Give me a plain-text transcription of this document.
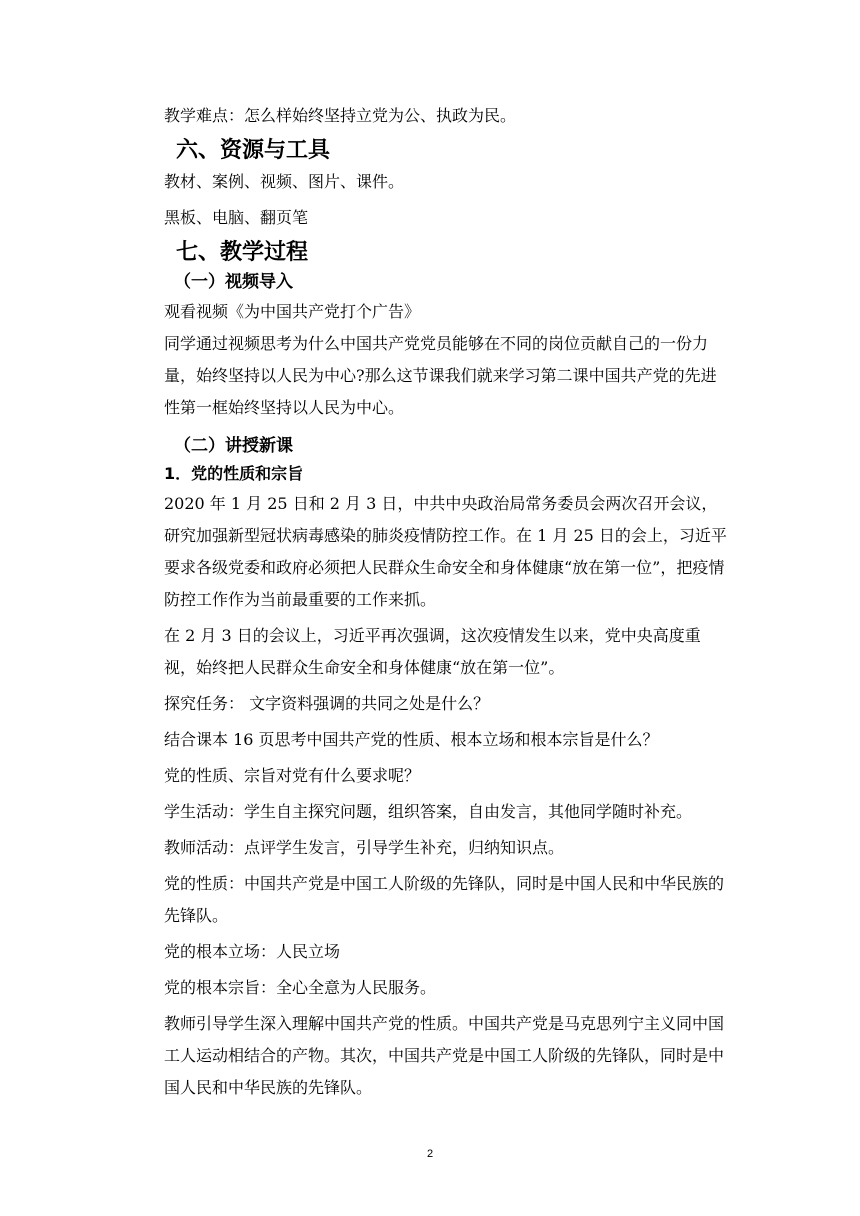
教学难点：怎么样始终坚持立党为公、执政为民。

六、资源与工具

教材、案例、视频、图片、课件。

黑板、电脑、翻页笔

七、教学过程
（一）视频导入

观看视频《为中国共产党打个广告》

同学通过视频思考为什么中国共产党党员能够在不同的岗位贡献自己的一份力量，始终坚持以人民为中心?那么这节课我们就来学习第二课中国共产党的先进性第一框始终坚持以人民为中心。

（二）讲授新课
1．党的性质和宗旨

2020 年 1 月 25 日和 2 月 3 日，中共中央政治局常务委员会两次召开会议，研究加强新型冠状病毒感染的肺炎疫情防控工作。在 1 月 25 日的会上，习近平要求各级党委和政府必须把人民群众生命安全和身体健康“放在第一位”，把疫情防控工作作为当前最重要的工作来抓。

在 2 月 3 日的会议上，习近平再次强调，这次疫情发生以来，党中央高度重视，始终把人民群众生命安全和身体健康“放在第一位”。

探究任务： 文字资料强调的共同之处是什么？

结合课本 16 页思考中国共产党的性质、根本立场和根本宗旨是什么？

党的性质、宗旨对党有什么要求呢？

学生活动：学生自主探究问题，组织答案，自由发言，其他同学随时补充。

教师活动：点评学生发言，引导学生补充，归纳知识点。

党的性质：中国共产党是中国工人阶级的先锋队，同时是中国人民和中华民族的先锋队。

党的根本立场：人民立场

党的根本宗旨：全心全意为人民服务。

教师引导学生深入理解中国共产党的性质。中国共产党是马克思列宁主义同中国工人运动相结合的产物。其次，中国共产党是中国工人阶级的先锋队，同时是中国人民和中华民族的先锋队。

2
